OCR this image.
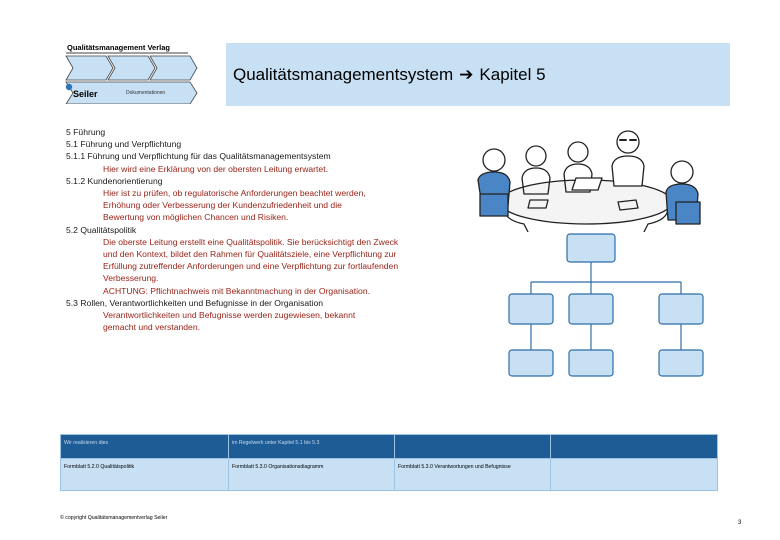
Qualitätsmanagement Verlag
Seiler	Dokumentationen
Qualitätsmanagementsystem ➔ Kapitel 5
5 Führung
5.1 Führung und Verpflichtung
5.1.1 Führung und Verpflichtung für das Qualitätsmanagementsystem
Hier wird eine Erklärung von der obersten Leitung erwartet.
5.1.2 Kundenorientierung
Hier ist zu prüfen, ob regulatorische Anforderungen beachtet werden,
Erhöhung oder Verbesserung der Kundenzufriedenheit und die
Bewertung von möglichen Chancen und Risiken.
5.2 Qualitätspolitik
Die oberste Leitung erstellt eine Qualitätspolitik. Sie berücksichtigt den Zweck
und den Kontext, bildet den Rahmen für Qualitätsziele, eine Verpflichtung zur
Erfüllung zutreffender Anforderungen und eine Verpflichtung zur fortlaufenden
Verbesserung.
ACHTUNG: Pflichtnachweis mit Bekanntmachung in der Organisation.
5.3 Rollen, Verantwortlichkeiten und Befugnisse in der Organisation
Verantwortlichkeiten und Befugnisse werden zugewiesen, bekannt
gemacht und verstanden.
Wir realisieren dies	im Regelwerk unter Kapitel 5.1 bis 5.3		
Formblatt 5.2.0 Qualitätspolitik	Formblatt 5.3.0 Organisationsdiagramm	Formblatt 5.3.0 Verantwortungen und Befugnisse	
© copyright Qualitätsmanagementverlag Seiler
3
